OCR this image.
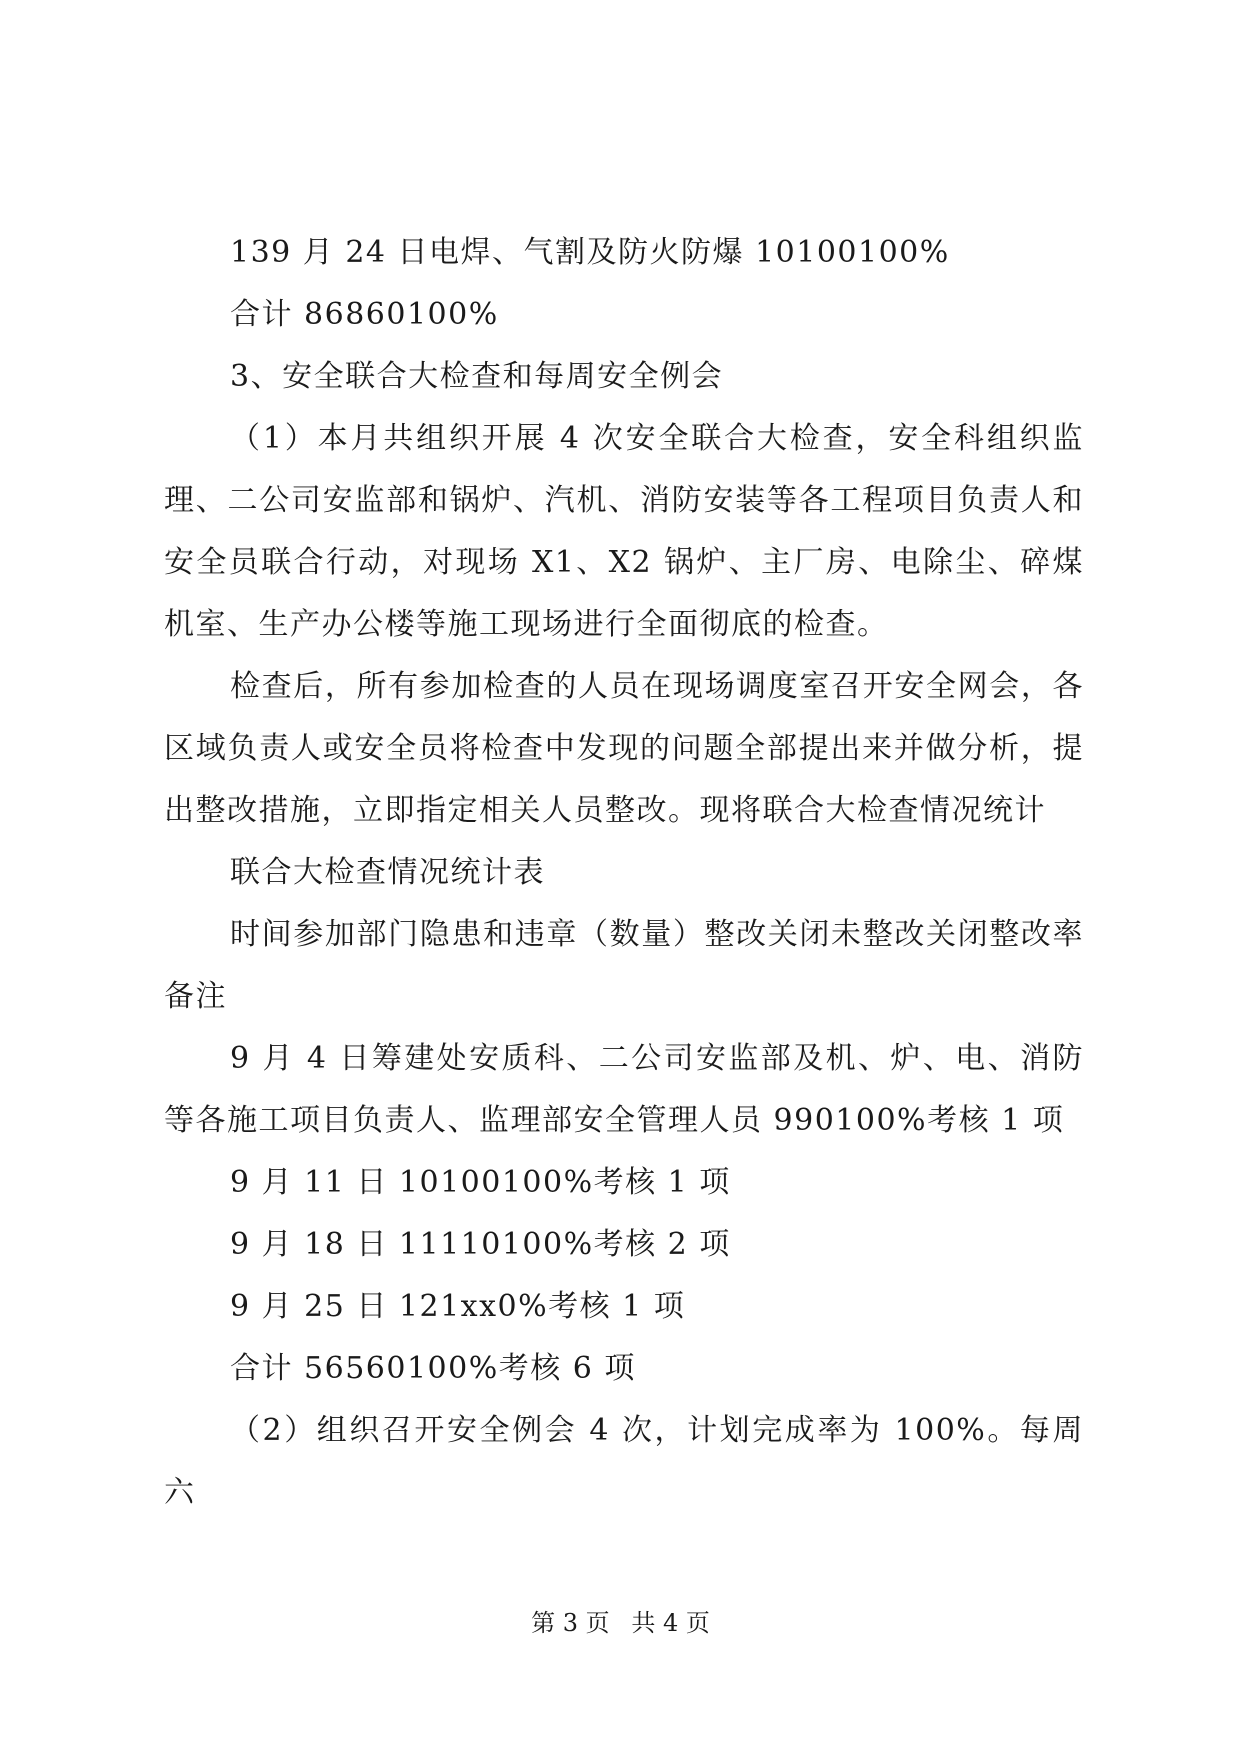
139 月 24 日电焊、气割及防火防爆 10100100%

合计 86860100%

3、安全联合大检查和每周安全例会

（1）本月共组织开展 4 次安全联合大检查，安全科组织监理、二公司安监部和锅炉、汽机、消防安装等各工程项目负责人和安全员联合行动，对现场 X1、X2 锅炉、主厂房、电除尘、碎煤机室、生产办公楼等施工现场进行全面彻底的检查。

检查后，所有参加检查的人员在现场调度室召开安全网会，各区域负责人或安全员将检查中发现的问题全部提出来并做分析，提出整改措施，立即指定相关人员整改。现将联合大检查情况统计

联合大检查情况统计表

时间参加部门隐患和违章（数量）整改关闭未整改关闭整改率备注

9 月 4 日筹建处安质科、二公司安监部及机、炉、电、消防等各施工项目负责人、监理部安全管理人员 990100%考核 1 项

9 月 11 日 10100100%考核 1 项

9 月 18 日 11110100%考核 2 项

9 月 25 日 121xx0%考核 1 项

合计 56560100%考核 6 项

（2）组织召开安全例会 4 次，计划完成率为 100%。每周六

第 3 页 共 4 页
